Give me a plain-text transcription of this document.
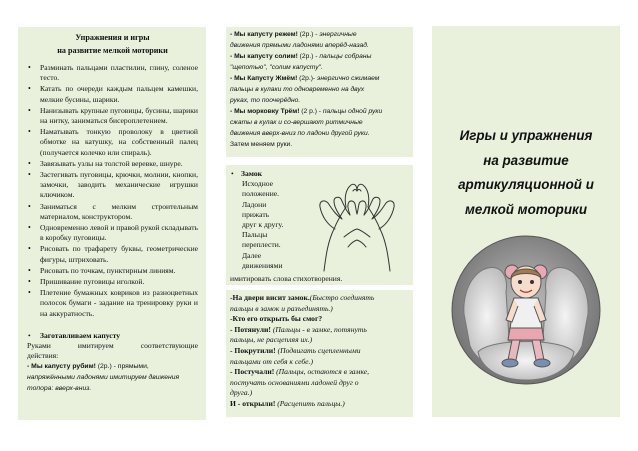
Упражнения и игры
на развитие мелкой моторики
• Разминать пальцами пластилин, глину, соленое тесто.
• Катать по очереди каждым пальцем камешки, мелкие бусины, шарики.
• Нанизывать крупные пуговицы, бусины, шарики на нитку, заниматься бисероплетением.
• Наматывать тонкую проволоку в цветной обмотке на катушку, на собственный палец (получается колечко или спираль).
• Завязывать узлы на толстой веревке, шнуре.
• Застегивать пуговицы, крючки, молнии, кнопки, замочки, заводить механические игрушки ключиком.
• Заниматься с мелким строительным материалом, конструктором.
• Одновременно левой и правой рукой складывать в коробку пуговицы.
• Рисовать по трафарету буквы, геометрические фигуры, штриховать.
• Рисовать по точкам, пунктирным линиям.
• Пришивание пуговицы иголкой.
• Плетение бумажных ковриков из разноцветных полосок бумаги - задание на тренировку руки и на аккуратность.
• Заготавливаем капусту
Руками имитируем соответствующие
действия:
- Мы капусту рубим! (2р.) - прямыми,
напряжёнными ладонями имитируем движения
топора: вверх-вниз.
- Мы капусту режем! (2р.) - энергичные
движения прямыми ладонями вперёд-назад.
- Мы капусту солим! (2р.) - пальцы собраны
"щепотью", "солим капусту".
- Мы Капусту Жмём! (2р.)- энергично сжимаем
пальцы в кулаки то одновременно на двух
руках, то поочерёдно.
- Мы морковку Трём! (2 р.) - пальцы одной руки
сжаты в кулак и со-вершают ритмичные
движения вверх-вниз по ладони другой руки.
Затем меняем руки.
• Замок
Исходное
положение.
Ладони
прижать
друг к другу.
Пальцы
переплести.
Далее
движениями
имитировать слова стихотворения.
-На двери висит замок.(Быстро соединять
пальцы в замок и разъединять.)
-Кто его открыть бы смог?
- Потянули! (Пальцы - в замке, потянуть
пальцы, не расцепляя их.)
- Покрутили! (Подвигать сцепленными
пальцами от себя к себе.)
- Постучали! (Пальцы, остаются в замке,
постучать основаниями ладоней друг о
друга.)
И - открыли! (Расцепить пальцы.)
Игры и упражнения
на развитие
артикуляционной и
мелкой моторики
